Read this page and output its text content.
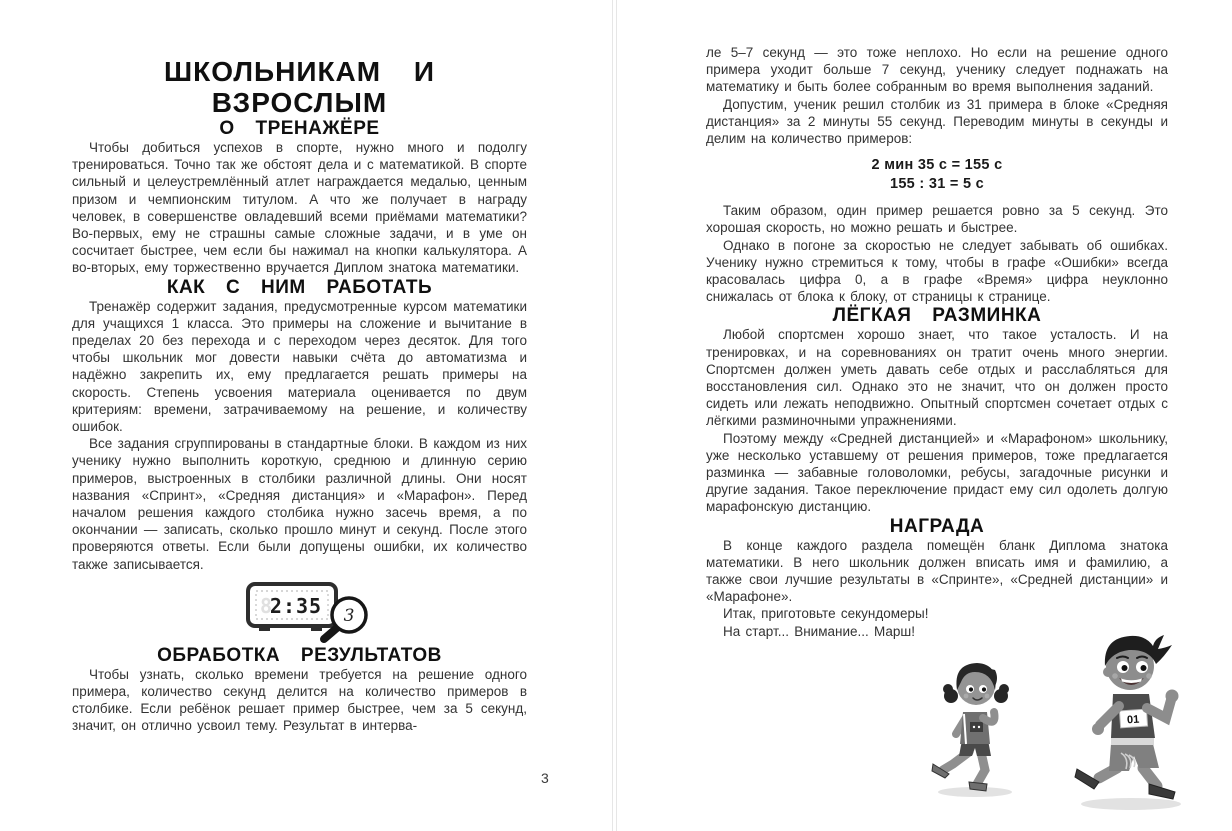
ШКОЛЬНИКАМ И ВЗРОСЛЫМ
О ТРЕНАЖЁРЕ

Чтобы добиться успехов в спорте, нужно много и подолгу тренироваться. Точно так же обстоят дела и с математикой. В спорте сильный и целеустремлённый атлет награждается медалью, ценным призом и чемпионским титулом. А что же получает в награду человек, в совершенстве овладевший всеми приёмами математики? Во-первых, ему не страшны самые сложные задачи, и в уме он сосчитает быстрее, чем если бы нажимал на кнопки калькулятора. А во-вторых, ему торжественно вручается Диплом знатока математики.

КАК С НИМ РАБОТАТЬ

Тренажёр содержит задания, предусмотренные курсом математики для учащихся 1 класса. Это примеры на сложение и вычитание в пределах 20 без перехода и с переходом через десяток. Для того чтобы школьник мог довести навыки счёта до автоматизма и надёжно закрепить их, ему предлагается решать примеры на скорость. Степень усвоения материала оценивается по двум критериям: времени, затрачиваемому на решение, и количеству ошибок.

Все задания сгруппированы в стандартные блоки. В каждом из них ученику нужно выполнить короткую, среднюю и длинную серию примеров, выстроенных в столбики различной длины. Они носят названия «Спринт», «Средняя дистанция» и «Марафон». Перед началом решения каждого столбика нужно засечь время, а по окончании — записать, сколько прошло минут и секунд. После этого проверяются ответы. Если были допущены ошибки, их количество также записывается.

8
2:35 3
ОБРАБОТКА РЕЗУЛЬТАТОВ

Чтобы узнать, сколько времени требуется на решение одного примера, количество секунд делится на количество примеров в столбике. Если ребёнок решает пример быстрее, чем за 5 секунд, значит, он отлично усвоил тему. Результат в интерва-

3

ле 5–7 секунд — это тоже неплохо. Но если на решение одного примера уходит больше 7 секунд, ученику следует поднажать на математику и быть более собранным во время выполнения заданий.

Допустим, ученик решил столбик из 31 примера в блоке «Средняя дистанция» за 2 минуты 55 секунд. Переводим минуты в секунды и делим на количество примеров:

2 мин 35 с = 155 с
155 : 31 = 5 с

Таким образом, один пример решается ровно за 5 секунд. Это хорошая скорость, но можно решать и быстрее.

Однако в погоне за скоростью не следует забывать об ошибках. Ученику нужно стремиться к тому, чтобы в графе «Ошибки» всегда красовалась цифра 0, а в графе «Время» цифра неуклонно снижалась от блока к блоку, от страницы к странице.

ЛЁГКАЯ РАЗМИНКА

Любой спортсмен хорошо знает, что такое усталость. И на тренировках, и на соревнованиях он тратит очень много энергии. Спортсмен должен уметь давать себе отдых и расслабляться для восстановления сил. Однако это не значит, что он должен просто сидеть или лежать неподвижно. Опытный спортсмен сочетает отдых с лёгкими разминочными упражнениями.

Поэтому между «Средней дистанцией» и «Марафоном» школьнику, уже несколько уставшему от решения примеров, тоже предлагается разминка — забавные головоломки, ребусы, загадочные рисунки и другие задания. Такое переключение придаст ему сил одолеть долгую марафонскую дистанцию.

НАГРАДА

В конце каждого раздела помещён бланк Диплома знатока математики. В него школьник должен вписать имя и фамилию, а также свои лучшие результаты в «Спринте», «Средней дистанции» и «Марафоне».

Итак, приготовьте секундомеры!

На старт... Внимание... Марш!

01
